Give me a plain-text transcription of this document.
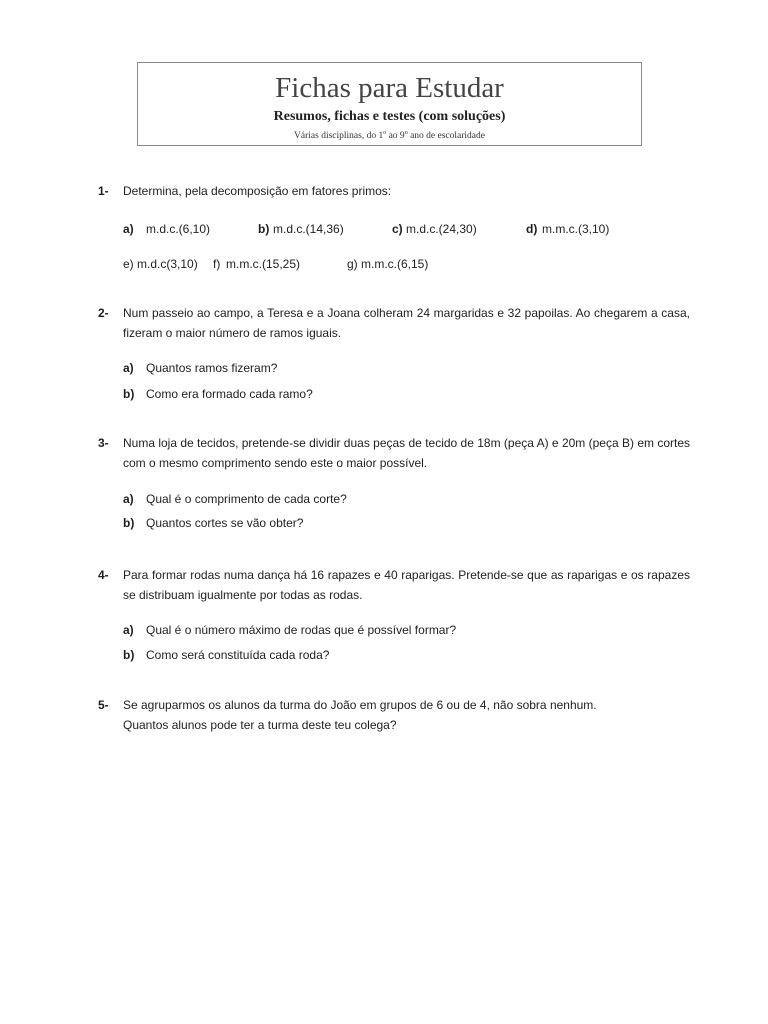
Fichas para Estudar
Resumos, fichas e testes (com soluções)
Várias disciplinas, do 1$^o$ ao 9$^o$ ano de escolaridade
1- Determina, pela decomposição em fatores primos:
a) m.d.c.(6,10)	b) m.d.c.(14,36)	c) m.d.c.(24,30)	d) m.m.c.(3,10)
e) m.d.c(3,10) f) m.m.c.(15,25)	g) m.m.c.(6,15)
2- Num passeio ao campo, a Teresa e a Joana colheram 24 margaridas e 32 papoilas. Ao chegarem a casa, fizeram o maior número de ramos iguais.
a) Quantos ramos fizeram?
b) Como era formado cada ramo?
3- Numa loja de tecidos, pretende-se dividir duas peças de tecido de 18m (peça A) e 20m (peça B) em cortes com o mesmo comprimento sendo este o maior possível.
a) Qual é o comprimento de cada corte?
b) Quantos cortes se vão obter?
4- Para formar rodas numa dança há 16 rapazes e 40 raparigas. Pretende-se que as raparigas e os rapazes se distribuam igualmente por todas as rodas.
a) Qual é o número máximo de rodas que é possível formar?
b) Como será constituída cada roda?
5- Se agruparmos os alunos da turma do João em grupos de 6 ou de 4, não sobra nenhum.
Quantos alunos pode ter a turma deste teu colega?
